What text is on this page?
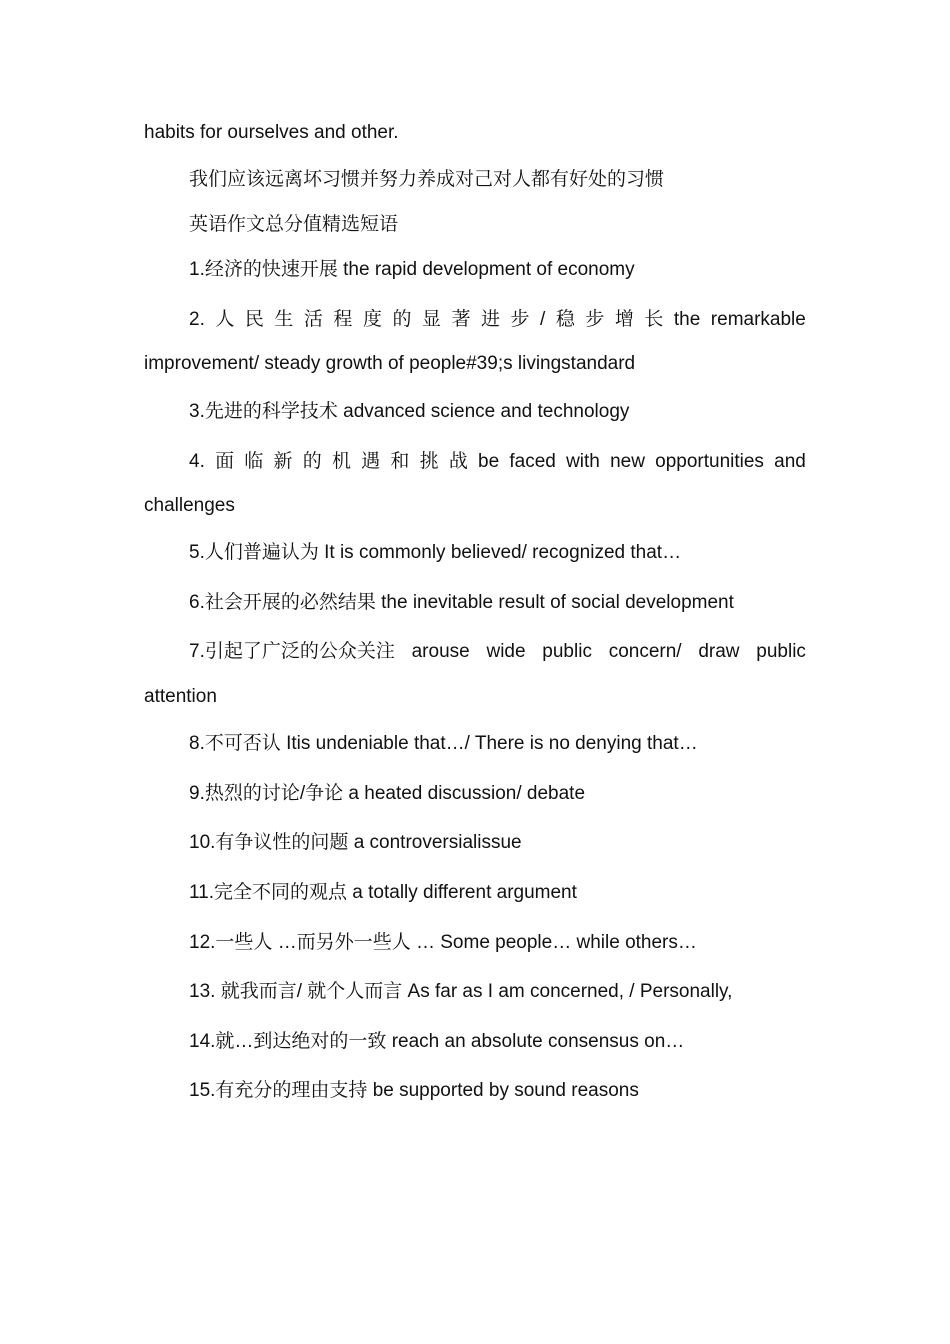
habits for ourselves and other.
我们应该远离坏习惯并努力养成对己对人都有好处的习惯
英语作文总分值精选短语
1.经济的快速开展 the rapid development of economy
2. 人 民 生 活 程 度 的 显 著 进 步 / 稳 步 增 长 the remarkable
improvement/ steady growth of people#39;s livingstandard
3.先进的科学技术 advanced science and technology
4. 面 临 新 的 机 遇 和 挑 战 be faced with new opportunities and
challenges
5.人们普遍认为 It is commonly believed/ recognized that…
6.社会开展的必然结果 the inevitable result of social development
7.引起了广泛的公众关注 arouse wide public concern/ draw public
attention
8.不可否认 Itis undeniable that…/ There is no denying that…
9.热烈的讨论/争论 a heated discussion/ debate
10.有争议性的问题 a controversialissue
11.完全不同的观点 a totally different argument
12.一些人 …而另外一些人 … Some people… while others…
13. 就我而言/ 就个人而言 As far as I am concerned, / Personally,
14.就…到达绝对的一致 reach an absolute consensus on…
15.有充分的理由支持 be supported by sound reasons
